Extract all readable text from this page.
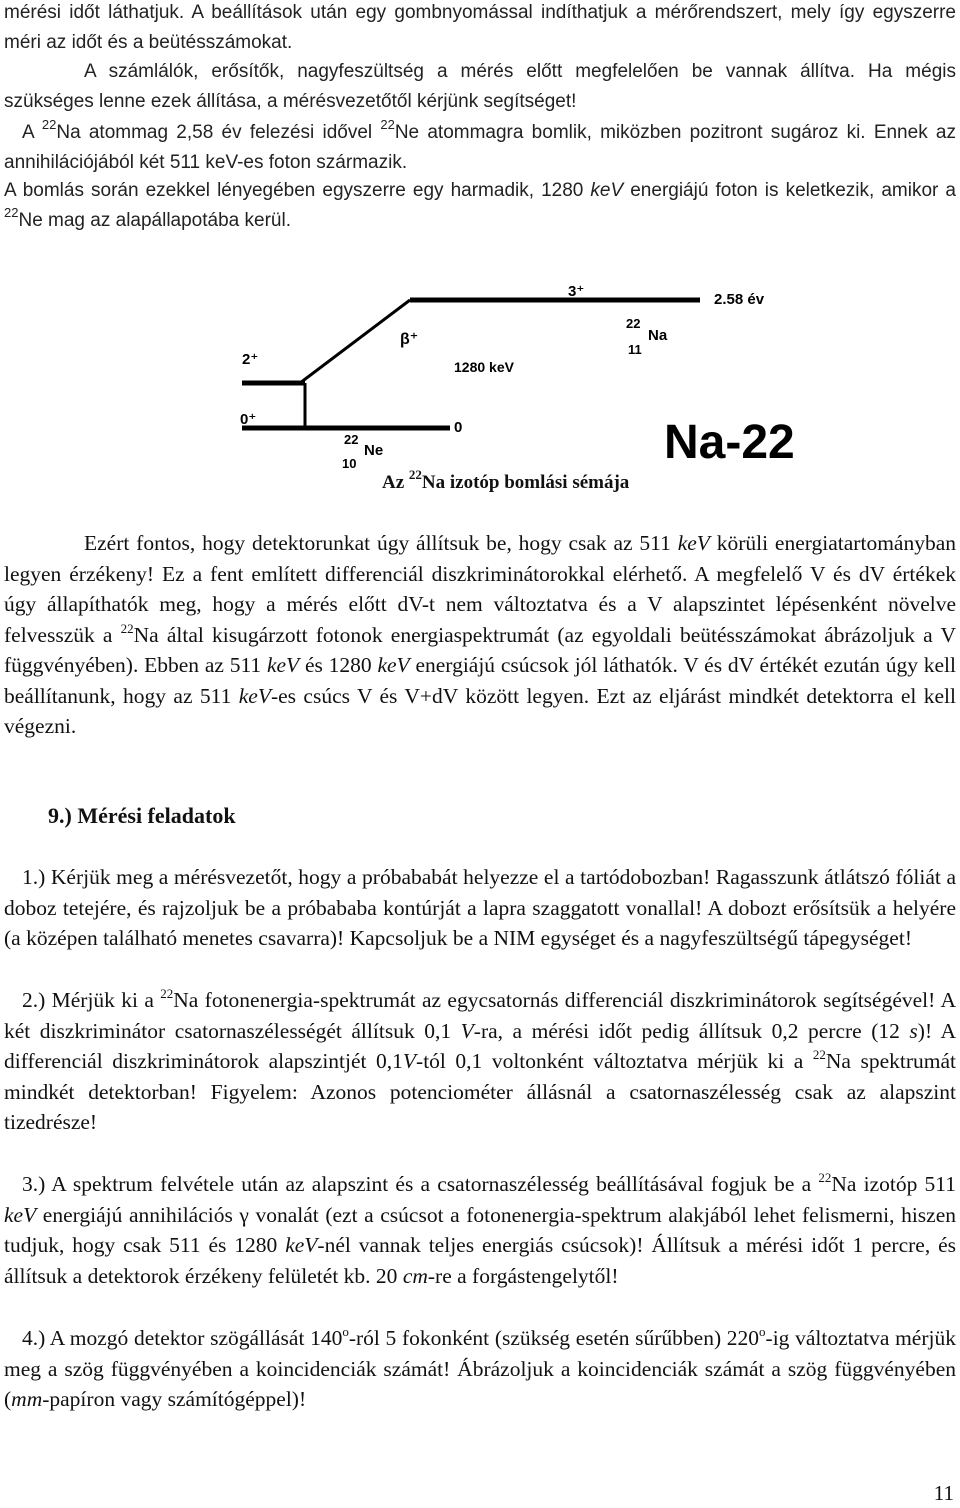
mérési időt láthatjuk. A beállítások után egy gombnyomással indíthatjuk a mérőrendszert, mely így egyszerre méri az időt és a beütésszámokat.

A számlálók, erősítők, nagyfeszültség a mérés előtt megfelelően be vannak állítva. Ha mégis szükséges lenne ezek állítása, a mérésvezetőtől kérjünk segítséget!

A $^{22}$Na atommag 2,58 év felezési idővel $^{22}$Ne atommagra bomlik, miközben pozitront sugároz ki. Ennek az annihilációjából két 511 keV-es foton származik.

A bomlás során ezekkel lényegében egyszerre egy harmadik, 1280 keV energiájú foton is keletkezik, amikor a $^{22}$Ne mag az alapállapotába kerül.

3⁺	2.58 év
22
Na
11
β⁺
2⁺	1280 keV
0⁺	0
22
Ne
10	Na-22
Az $^{22}$Na izotóp bomlási sémája

Ezért fontos, hogy detektorunkat úgy állítsuk be, hogy csak az 511 keV körüli energiatartományban legyen érzékeny! Ez a fent említett differenciál diszkriminátorokkal elérhető. A megfelelő V és dV értékek úgy állapíthatók meg, hogy a mérés előtt dV-t nem változtatva és a V alapszintet lépésenként növelve felvesszük a $^{22}$Na által kisugárzott fotonok energiaspektrumát (az egyoldali beütésszámokat ábrázoljuk a V függvényében). Ebben az 511 keV és 1280 keV energiájú csúcsok jól láthatók. V és dV értékét ezután úgy kell beállítanunk, hogy az 511 keV-es csúcs V és V+dV között legyen. Ezt az eljárást mindkét detektorra el kell végezni.

9.) Mérési feladatok

1.) Kérjük meg a mérésvezetőt, hogy a próbababát helyezze el a tartódobozban! Ragasszunk átlátszó fóliát a doboz tetejére, és rajzoljuk be a próbababa kontúrját a lapra szaggatott vonallal! A dobozt erősítsük a helyére (a középen található menetes csavarra)! Kapcsoljuk be a NIM egységet és a nagyfeszültségű tápegységet!

2.) Mérjük ki a $^{22}$Na fotonenergia-spektrumát az egycsatornás differenciál diszkriminátorok segítségével! A két diszkriminátor csatornaszélességét állítsuk 0,1 V-ra, a mérési időt pedig állítsuk 0,2 percre (12 s)! A differenciál diszkriminátorok alapszintjét 0,1V-tól 0,1 voltonként változtatva mérjük ki a $^{22}$Na spektrumát mindkét detektorban! Figyelem: Azonos potenciométer állásnál a csatornaszélesség csak az alapszint tizedrésze!

3.) A spektrum felvétele után az alapszint és a csatornaszélesség beállításával fogjuk be a $^{22}$Na izotóp 511 keV energiájú annihilációs γ vonalát (ezt a csúcsot a fotonenergia-spektrum alakjából lehet felismerni, hiszen tudjuk, hogy csak 511 és 1280 keV-nél vannak teljes energiás csúcsok)! Állítsuk a mérési időt 1 percre, és állítsuk a detektorok érzékeny felületét kb. 20 cm-re a forgástengelytől!

4.) A mozgó detektor szögállását 140$^o$-ról 5 fokonként (szükség esetén sűrűbben) 220$^o$-ig változtatva mérjük meg a szög függvényében a koincidenciák számát! Ábrázoljuk a koincidenciák számát a szög függvényében (mm-papíron vagy számítógéppel)!

11
